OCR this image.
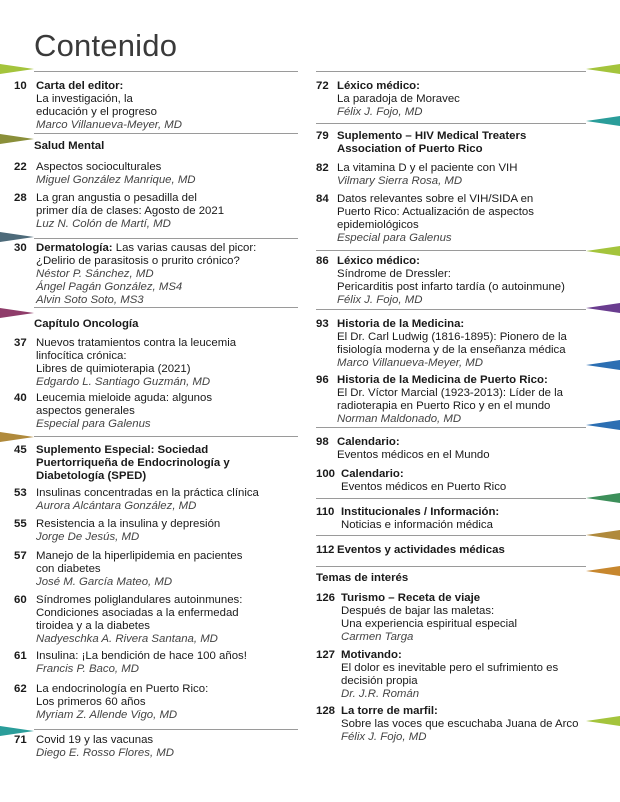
Contenido
10 Carta del editor:
La investigación, la
educación y el progreso
Marco Villanueva-Meyer, MD
Salud Mental
22 Aspectos socioculturales
Miguel González Manrique, MD
28 La gran angustia o pesadilla del
primer día de clases: Agosto de 2021
Luz N. Colón de Martí, MD
30 Dermatología: Las varias causas del picor:
¿Delirio de parasitosis o prurito crónico?
Néstor P. Sánchez, MD
Ángel Pagán González, MS4
Alvin Soto Soto, MS3
Capítulo Oncología
37 Nuevos tratamientos contra la leucemia
linfocítica crónica:
Libres de quimioterapia (2021)
Edgardo L. Santiago Guzmán, MD
40 Leucemia mieloide aguda: algunos
aspectos generales
Especial para Galenus
45 Suplemento Especial: Sociedad
Puertorriqueña de Endocrinología y
Diabetología (SPED)
53 Insulinas concentradas en la práctica clínica
Aurora Alcántara González, MD
55 Resistencia a la insulina y depresión
Jorge De Jesús, MD
57 Manejo de la hiperlipidemia en pacientes
con diabetes
José M. García Mateo, MD
60 Síndromes poliglandulares autoinmunes:
Condiciones asociadas a la enfermedad
tiroidea y a la diabetes
Nadyeschka A. Rivera Santana, MD
61 Insulina: ¡La bendición de hace 100 años!
Francis P. Baco, MD
62 La endocrinología en Puerto Rico:
Los primeros 60 años
Myriam Z. Allende Vigo, MD
71 Covid 19 y las vacunas
Diego E. Rosso Flores, MD
72 Léxico médico:
La paradoja de Moravec
Félix J. Fojo, MD
79 Suplemento – HIV Medical Treaters
Association of Puerto Rico
82 La vitamina D y el paciente con VIH
Vilmary Sierra Rosa, MD
84 Datos relevantes sobre el VIH/SIDA en
Puerto Rico: Actualización de aspectos
epidemiológicos
Especial para Galenus
86 Léxico médico:
Síndrome de Dressler:
Pericarditis post infarto tardía (o autoinmune)
Félix J. Fojo, MD
93 Historia de la Medicina:
El Dr. Carl Ludwig (1816-1895): Pionero de la
fisiología moderna y de la enseñanza médica
Marco Villanueva-Meyer, MD
96 Historia de la Medicina de Puerto Rico:
El Dr. Víctor Marcial (1923-2013): Líder de la
radioterapia en Puerto Rico y en el mundo
Norman Maldonado, MD
98 Calendario:
Eventos médicos en el Mundo
100 Calendario:
Eventos médicos en Puerto Rico
110 Institucionales / Información:
Noticias e información médica
112 Eventos y actividades médicas
Temas de interés
126 Turismo – Receta de viaje
Después de bajar las maletas:
Una experiencia espiritual especial
Carmen Targa
127 Motivando:
El dolor es inevitable pero el sufrimiento es
decisión propia
Dr. J.R. Román
128 La torre de marfil:
Sobre las voces que escuchaba Juana de Arco
Félix J. Fojo, MD
